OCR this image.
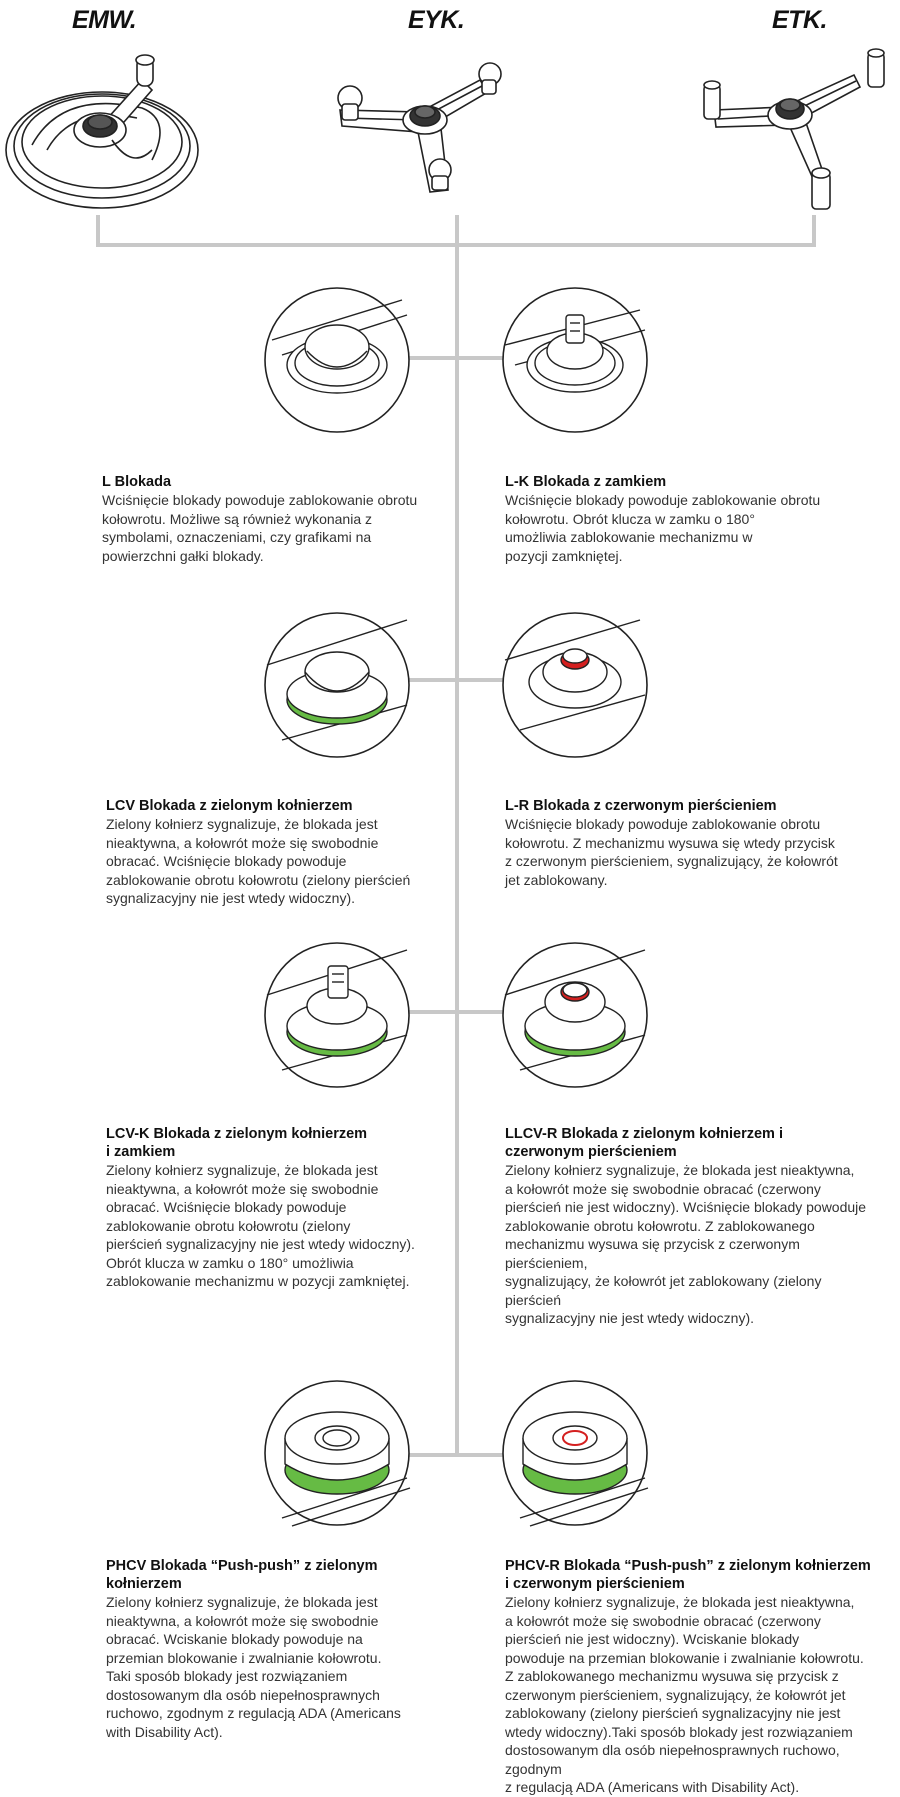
EMW.	EYK.	ETK.
L Blokada

Wciśnięcie blokady powoduje zablokowanie obrotu

kołowrotu. Możliwe są również wykonania z

symbolami, oznaczeniami, czy grafikami na

powierzchni gałki blokady.

L-K Blokada z zamkiem

Wciśnięcie blokady powoduje zablokowanie obrotu

kołowrotu. Obrót klucza w zamku o 180°

umożliwia zablokowanie mechanizmu w

pozycji zamkniętej.

LCV Blokada z zielonym kołnierzem

Zielony kołnierz sygnalizuje, że blokada jest

nieaktywna, a kołowrót może się swobodnie

obracać. Wciśnięcie blokady powoduje

zablokowanie obrotu kołowrotu (zielony pierścień

sygnalizacyjny nie jest wtedy widoczny).

L-R Blokada z czerwonym pierścieniem

Wciśnięcie blokady powoduje zablokowanie obrotu

kołowrotu. Z mechanizmu wysuwa się wtedy przycisk

z czerwonym pierścieniem, sygnalizujący, że kołowrót

jet zablokowany.

LCV-K Blokada z zielonym kołnierzem
i zamkiem

Zielony kołnierz sygnalizuje, że blokada jest

nieaktywna, a kołowrót może się swobodnie

obracać. Wciśnięcie blokady powoduje

zablokowanie obrotu kołowrotu (zielony

pierścień sygnalizacyjny nie jest wtedy widoczny).

Obrót klucza w zamku o 180° umożliwia

zablokowanie mechanizmu w pozycji zamkniętej.

LLCV-R Blokada z zielonym kołnierzem i
czerwonym pierścieniem

Zielony kołnierz sygnalizuje, że blokada jest nieaktywna,

a kołowrót może się swobodnie obracać (czerwony

pierścień nie jest widoczny). Wciśnięcie blokady powoduje

zablokowanie obrotu kołowrotu. Z zablokowanego

mechanizmu wysuwa się przycisk z czerwonym pierścieniem,

sygnalizujący, że kołowrót jet zablokowany (zielony pierścień

sygnalizacyjny nie jest wtedy widoczny).

PHCV Blokada “Push-push” z zielonym
kołnierzem

Zielony kołnierz sygnalizuje, że blokada jest

nieaktywna, a kołowrót może się swobodnie

obracać. Wciskanie blokady powoduje na

przemian blokowanie i zwalnianie kołowrotu.

Taki sposób blokady jest rozwiązaniem

dostosowanym dla osób niepełnosprawnych

ruchowo, zgodnym z regulacją ADA (Americans

with Disability Act).

PHCV-R Blokada “Push-push” z zielonym kołnierzem
i czerwonym pierścieniem

Zielony kołnierz sygnalizuje, że blokada jest nieaktywna,

a kołowrót może się swobodnie obracać (czerwony

pierścień nie jest widoczny). Wciskanie blokady

powoduje na przemian blokowanie i zwalnianie kołowrotu.

Z zablokowanego mechanizmu wysuwa się przycisk z

czerwonym pierścieniem, sygnalizujący, że kołowrót jet

zablokowany (zielony pierścień sygnalizacyjny nie jest

wtedy widoczny).Taki sposób blokady jest rozwiązaniem

dostosowanym dla osób niepełnosprawnych ruchowo, zgodnym

z regulacją ADA (Americans with Disability Act).
